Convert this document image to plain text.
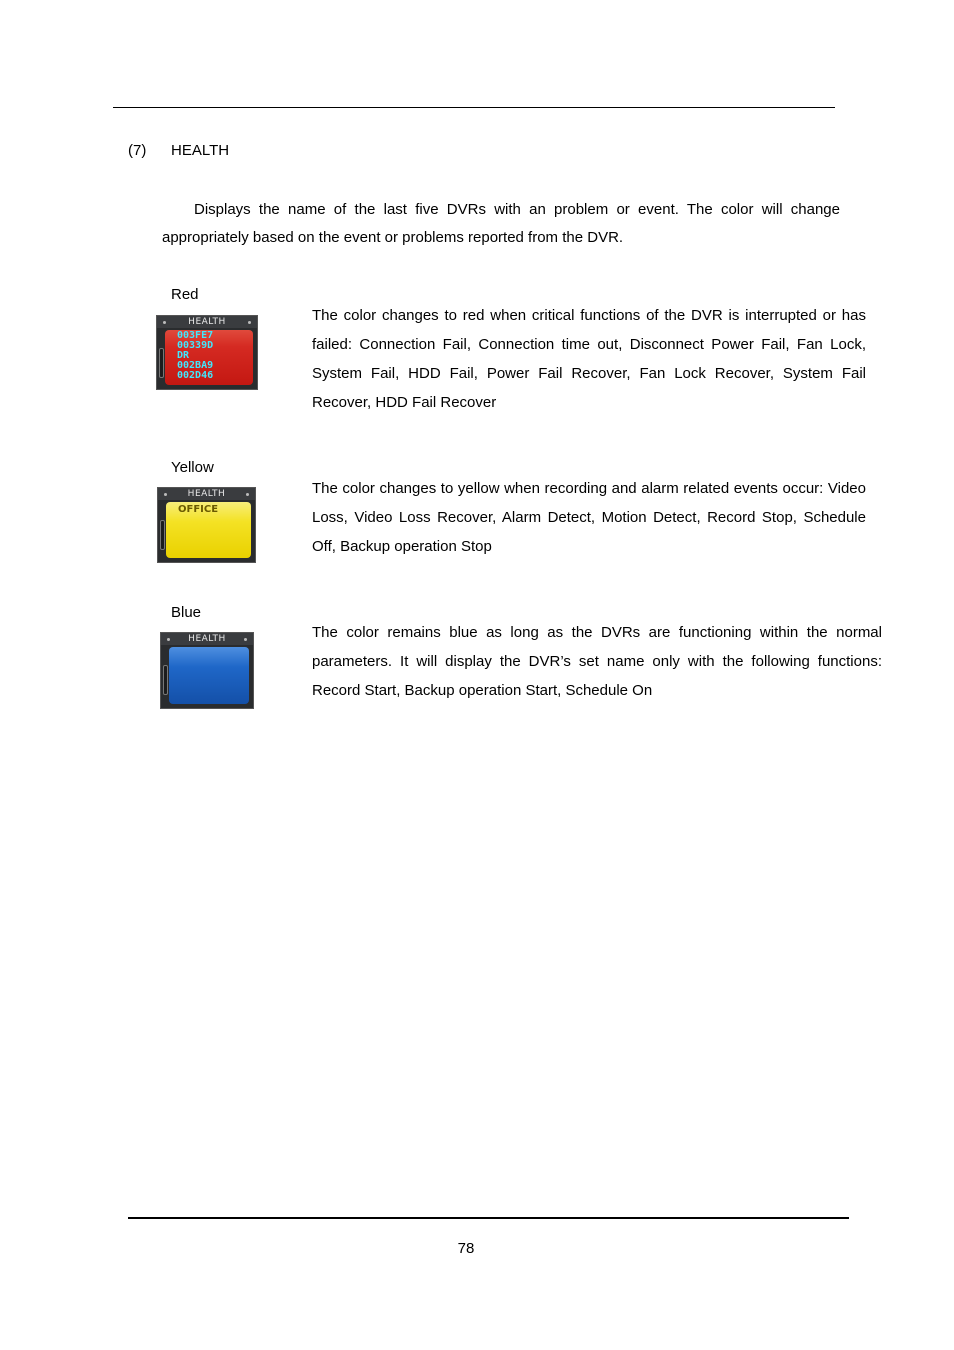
(7) HEALTH

Displays the name of the last five DVRs with an problem or event. The color will change appropriately based on the event or problems reported from the DVR.

Red
HEALTH
003FE7
00339D
DR
002BA9
002D46

The color changes to red when critical functions of the DVR is interrupted or has failed: Connection Fail, Connection time out, Disconnect Power Fail, Fan Lock, System Fail, HDD Fail, Power Fail Recover, Fan Lock Recover, System Fail Recover, HDD Fail Recover

Yellow
HEALTH
OFFICE

The color changes to yellow when recording and alarm related events occur: Video Loss, Video Loss Recover, Alarm Detect, Motion Detect, Record Stop, Schedule Off, Backup operation Stop

Blue
HEALTH	The color remains blue as long as the DVRs are functioning within the normal parameters. It will display the DVR’s set name only with the following functions: Record Start, Backup operation Start, Schedule On

78
